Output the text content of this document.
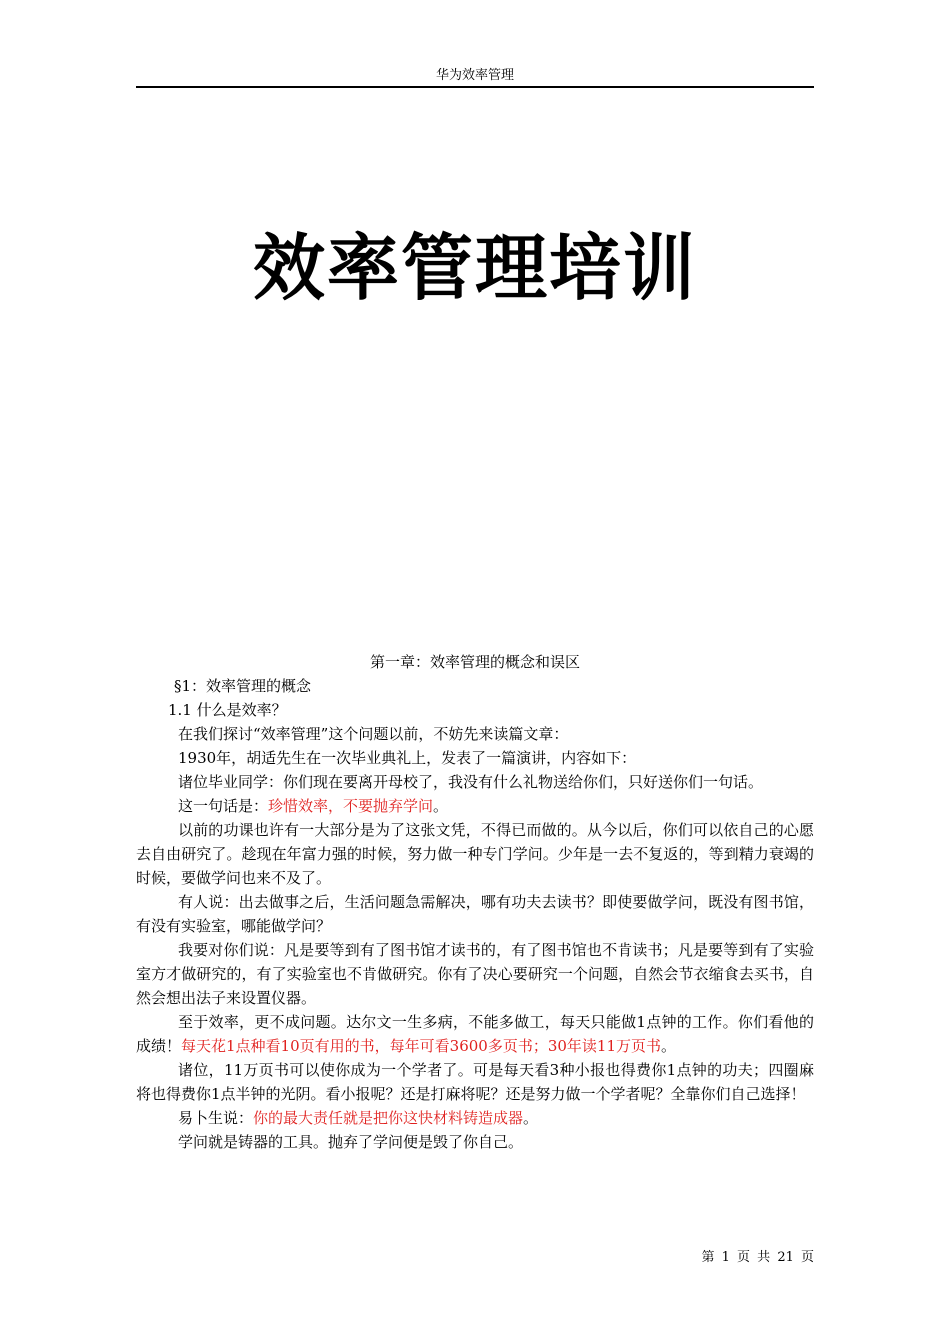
华为效率管理
效率管理培训
第一章：效率管理的概念和误区
§1：效率管理的概念
1.1 什么是效率？
在我们探讨“效率管理”这个问题以前，不妨先来读篇文章：
1930年，胡适先生在一次毕业典礼上，发表了一篇演讲，内容如下：
诸位毕业同学：你们现在要离开母校了，我没有什么礼物送给你们，只好送你们一句话。
这一句话是：珍惜效率，不要抛弃学问。
以前的功课也许有一大部分是为了这张文凭，不得已而做的。从今以后，你们可以依自己的心愿去自由研究了。趁现在年富力强的时候，努力做一种专门学问。少年是一去不复返的，等到精力衰竭的时候，要做学问也来不及了。
有人说：出去做事之后，生活问题急需解决，哪有功夫去读书？即使要做学问，既没有图书馆，有没有实验室，哪能做学问？
我要对你们说：凡是要等到有了图书馆才读书的，有了图书馆也不肯读书；凡是要等到有了实验室方才做研究的，有了实验室也不肯做研究。你有了决心要研究一个问题，自然会节衣缩食去买书，自然会想出法子来设置仪器。
至于效率，更不成问题。达尔文一生多病，不能多做工，每天只能做1点钟的工作。你们看他的成绩！每天花1点种看10页有用的书，每年可看3600多页书；30年读11万页书。
诸位，11万页书可以使你成为一个学者了。可是每天看3种小报也得费你1点钟的功夫；四圈麻将也得费你1点半钟的光阴。看小报呢？还是打麻将呢？还是努力做一个学者呢？全靠你们自己选择！
易卜生说：你的最大责任就是把你这快材料铸造成器。
学问就是铸器的工具。抛弃了学问便是毁了你自己。
第 1 页 共 21 页
